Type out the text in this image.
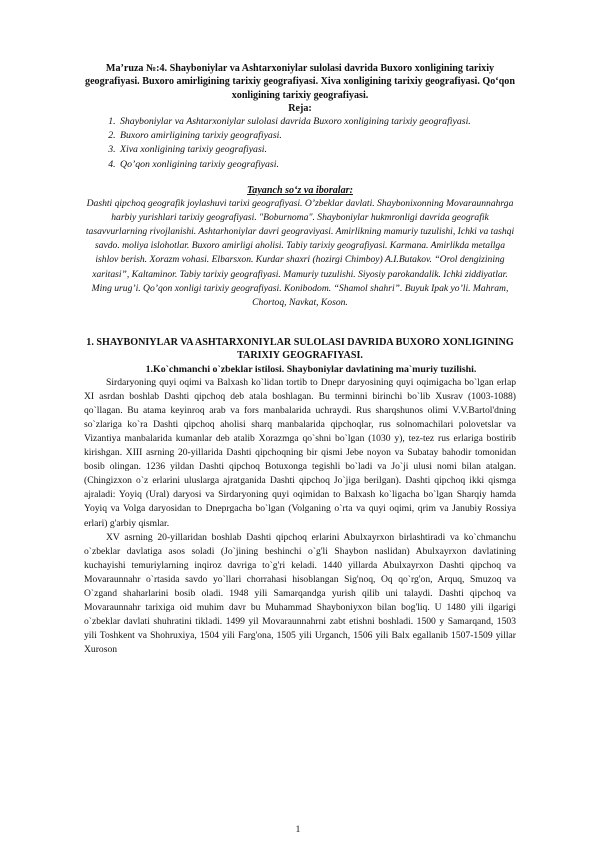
Ma’ruza №:4. Shayboniylar va Ashtarxoniylar sulolasi davrida Buxoro xonligining tarixiy geografiyasi. Buxoro amirligining tarixiy geografiyasi. Xiva xonligining tarixiy geografiyasi. Qo‘qon xonligining tarixiy geografiyasi.

Reja:

1. Shayboniylar va Ashtarxoniylar sulolasi davrida Buxoro xonligining tarixiy geografiyasi.
2. Buxoro amirligining tarixiy geografiyasi.
3. Xiva xonligining tarixiy geografiyasi.
4. Qo’qon xonligining tarixiy geografiyasi.

Tayanch so‘z va iboralar:

Dashti qipchoq geografik joylashuvi tarixi geografiyasi. O’zbeklar davlati. Shaybonixonning Movaraunnahrga harbiy yurishlari tarixiy geografiyasi. "Boburnoma". Shayboniylar hukmronligi davrida geografik tasavvurlarning rivojlanishi. Ashtarhoniylar davri geograviyasi. Amirlikning mamuriy tuzulishi, Ichki va tashqi savdo. moliya islohotlar. Buxoro amirligi aholisi. Tabiy tarixiy geografiyasi. Karmana. Amirlikda metallga ishlov berish. Xorazm vohasi. Elbarsxon. Kurdar shaxri (hozirgi Chimboy) A.I.Butakov. “Orol dengizining xaritasi”, Kaltaminor. Tabiy tarixiy geografiyasi. Mamuriy tuzulishi. Siyosiy parokandalik. Ichki ziddiyatlar. Ming urug’i. Qo’qon xonligi tarixiy geografiyasi. Konibodom. “Shamol shahri”. Buyuk Ipak yo’li. Mahram, Chortoq, Navkat, Koson.

1. SHAYBONIYLAR VA ASHTARXONIYLAR SULOLASI DAVRIDA BUXORO XONLIGINING TARIXIY GEOGRAFIYASI.

1.Ko`chmanchi o`zbeklar istilosi. Shayboniylar davlatining ma`muriy tuzilishi.

Sirdaryoning quyi oqimi va Balxash ko`lidan tortib to Dnepr daryosining quyi oqimigacha bo`lgan erlap XI asrdan boshlab Dashti qipchoq deb atala boshlagan. Bu terminni birinchi bo`lib Xusrav (1003-1088) qo`llagan. Bu atama keyinroq arab va fors manbalarida uchraydi. Rus sharqshunos olimi V.V.Bartol'dning so`zlariga ko`ra Dashti qipchoq aholisi sharq manbalarida qipchoqlar, rus solnomachilari polovetslar va Vizantiya manbalarida kumanlar deb atalib Xorazmga qo`shni bo`lgan (1030 y), tez-tez rus erlariga bostirib kirishgan. XIII asrning 20-yillarida Dashti qipchoqning bir qismi Jebe noyon va Subatay bahodir tomonidan bosib olingan. 1236 yildan Dashti qipchoq Botuxonga tegishli bo`ladi va Jo`ji ulusi nomi bilan atalgan. (Chingizxon o`z erlarini uluslarga ajratganida Dashti qipchoq Jo`jiga berilgan). Dashti qipchoq ikki qismga ajraladi: Yoyiq (Ural) daryosi va Sirdaryoning quyi oqimidan to Balxash ko`ligacha bo`lgan Sharqiy hamda Yoyiq va Volga daryosidan to Dneprgacha bo`lgan (Volganing o`rta va quyi oqimi, qrim va Janubiy Rossiya erlari) g'arbiy qismlar.

XV asrning 20-yillaridan boshlab Dashti qipchoq erlarini Abulxayrxon birlashtiradi va ko`chmanchu o`zbeklar davlatiga asos soladi (Jo`jining beshinchi o`g'li Shaybon naslidan) Abulxayrxon davlatining kuchayishi temuriylarning inqiroz davriga to`g'ri keladi. 1440 yillarda Abulxayrxon Dashti qipchoq va Movaraunnahr o`rtasida savdo yo`llari chorrahasi hisoblangan Sig'noq, Oq qo`rg'on, Arquq, Smuzoq va O`zgand shaharlarini bosib oladi. 1948 yili Samarqandga yurish qilib uni talaydi. Dashti qipchoq va Movaraunnahr tarixiga oid muhim davr bu Muhammad Shayboniyxon bilan bog'liq. U 1480 yili ilgarigi o`zbeklar davlati shuhratini tikladi. 1499 yil Movaraunnahrni zabt etishni boshladi. 1500 y Samarqand, 1503 yili Toshkent va Shohruxiya, 1504 yili Farg'ona, 1505 yili Urganch, 1506 yili Balx egallanib 1507-1509 yillar Xuroson

1
